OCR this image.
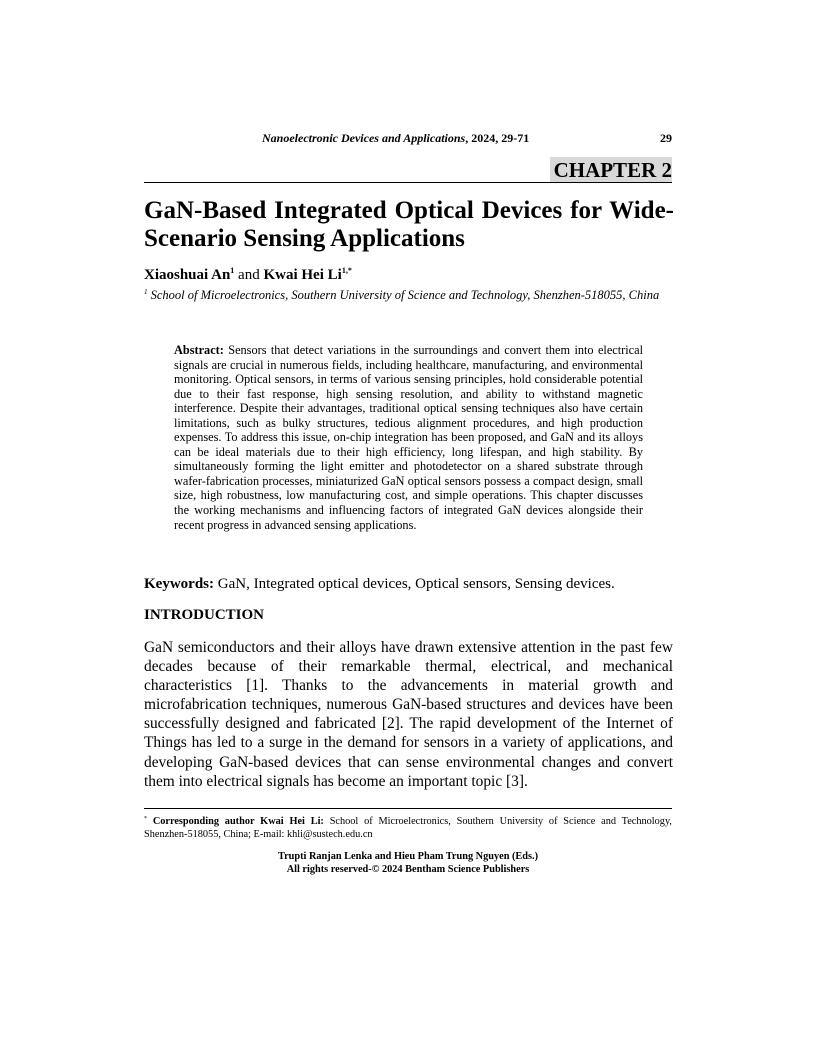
Nanoelectronic Devices and Applications, 2024, 29-71	29
CHAPTER 2
GaN-Based Integrated Optical Devices for Wide-Scenario Sensing Applications
Xiaoshuai An$^1$ and Kwai Hei $Li^{1,*}$
$^1$ School of Microelectronics, Southern University of Science and Technology, Shenzhen-518055, China
Abstract: Sensors that detect variations in the surroundings and convert them into electrical signals are crucial in numerous fields, including healthcare, manufacturing, and environmental monitoring. Optical sensors, in terms of various sensing principles, hold considerable potential due to their fast response, high sensing resolution, and ability to withstand magnetic interference. Despite their advantages, traditional optical sensing techniques also have certain limitations, such as bulky structures, tedious alignment procedures, and high production expenses. To address this issue, on-chip integration has been proposed, and GaN and its alloys can be ideal materials due to their high efficiency, long lifespan, and high stability. By simultaneously forming the light emitter and photodetector on a shared substrate through wafer-fabrication processes, miniaturized GaN optical sensors possess a compact design, small size, high robustness, low manufacturing cost, and simple operations. This chapter discusses the working mechanisms and influencing factors of integrated GaN devices alongside their recent progress in advanced sensing applications.
Keywords: GaN, Integrated optical devices, Optical sensors, Sensing devices.
INTRODUCTION

GaN semiconductors and their alloys have drawn extensive attention in the past few decades because of their remarkable thermal, electrical, and mechanical characteristics [1]. Thanks to the advancements in material growth and microfabrication techniques, numerous GaN-based structures and devices have been successfully designed and fabricated [2]. The rapid development of the Internet of Things has led to a surge in the demand for sensors in a variety of applications, and developing GaN-based devices that can sense environmental changes and convert them into electrical signals has become an important topic [3].

* Corresponding author Kwai Hei Li: School of Microelectronics, Southern University of Science and Technology, Shenzhen-518055, China; E-mail: khli@sustech.edu.cn
Trupti Ranjan Lenka and Hieu Pham Trung Nguyen (Eds.)
All rights reserved-© 2024 Bentham Science Publishers
